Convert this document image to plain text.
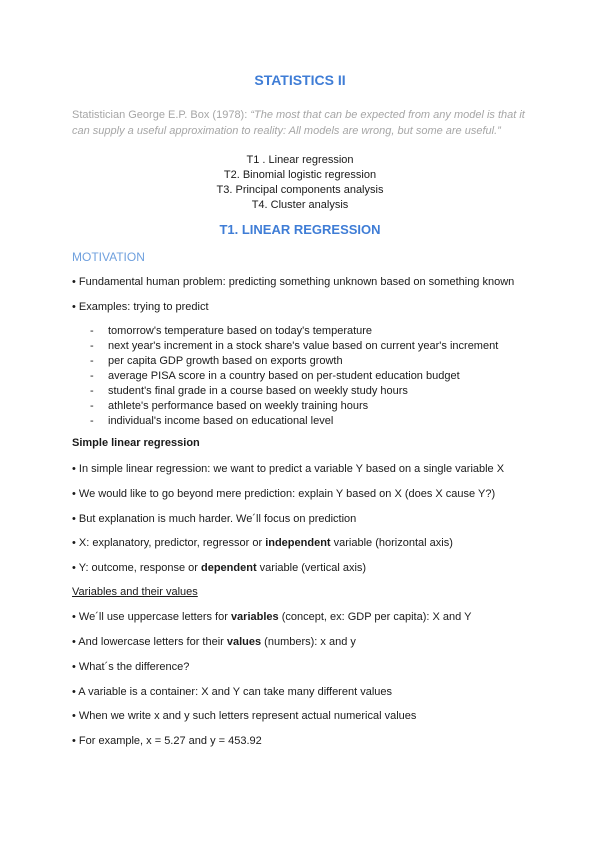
STATISTICS II
Statistician George E.P. Box (1978): “The most that can be expected from any model is that it can supply a useful approximation to reality: All models are wrong, but some are useful.”
T1 . Linear regression
T2. Binomial logistic regression
T3. Principal components analysis
T4. Cluster analysis
T1. LINEAR REGRESSION
MOTIVATION
• Fundamental human problem: predicting something unknown based on something known
• Examples: trying to predict
- tomorrow's temperature based on today's temperature
- next year's increment in a stock share's value based on current year's increment
- per capita GDP growth based on exports growth
- average PISA score in a country based on per-student education budget
- student's final grade in a course based on weekly study hours
- athlete's performance based on weekly training hours
- individual's income based on educational level
Simple linear regression
• In simple linear regression: we want to predict a variable Y based on a single variable X
• We would like to go beyond mere prediction: explain Y based on X (does X cause Y?)
• But explanation is much harder. We´ll focus on prediction
• X: explanatory, predictor, regressor or independent variable (horizontal axis)
• Y: outcome, response or dependent variable (vertical axis)
Variables and their values
• We´ll use uppercase letters for variables (concept, ex: GDP per capita): X and Y
• And lowercase letters for their values (numbers): x and y
• What´s the difference?
• A variable is a container: X and Y can take many different values
• When we write x and y such letters represent actual numerical values
• For example, x = 5.27 and y = 453.92
